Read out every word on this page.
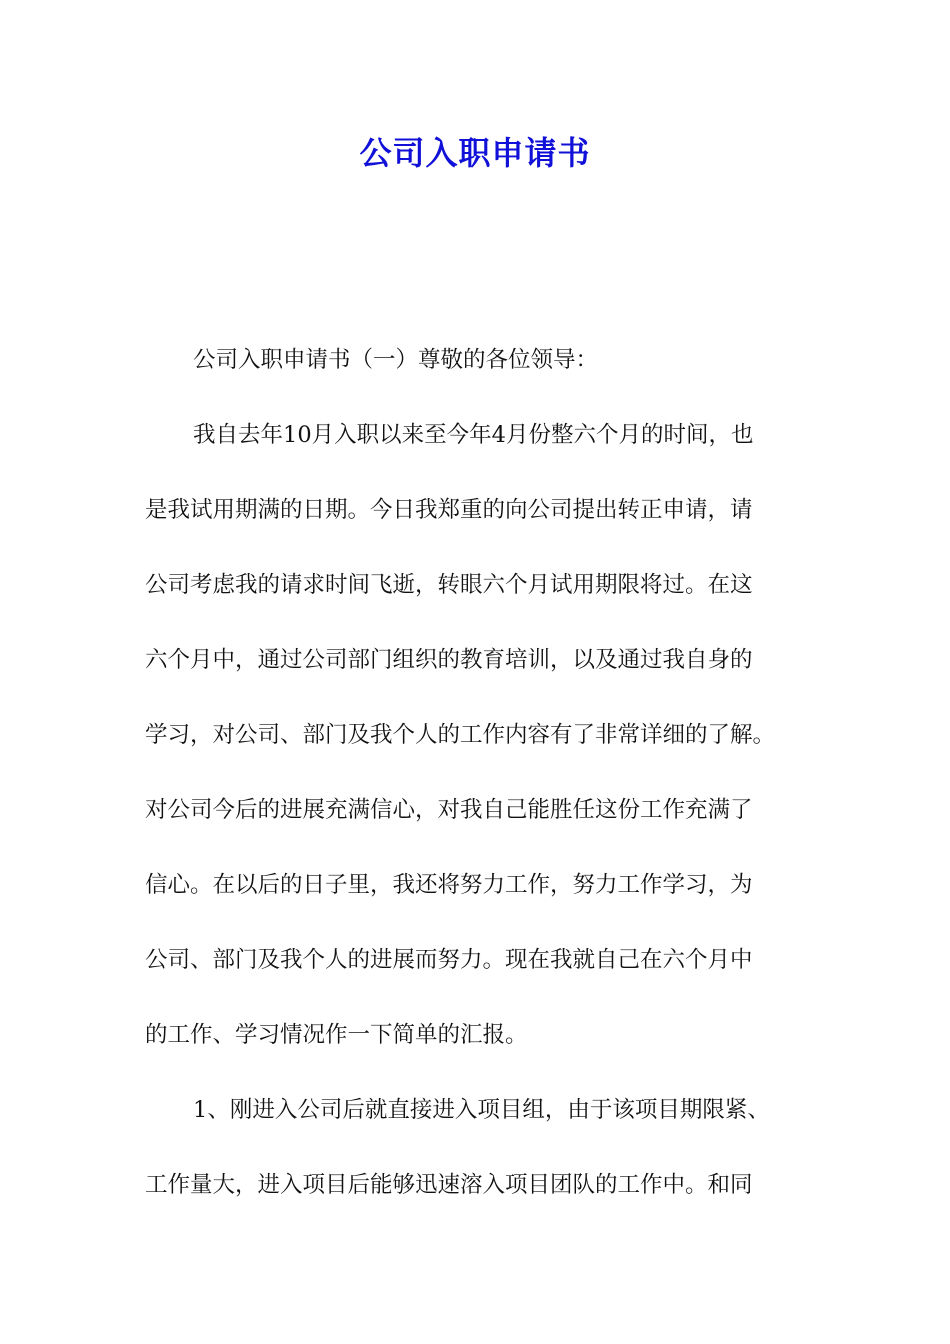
公司入职申请书
公司入职申请书（一）尊敬的各位领导：
我自去年10月入职以来至今年4月份整六个月的时间，也
是我试用期满的日期。今日我郑重的向公司提出转正申请，请
公司考虑我的请求时间飞逝，转眼六个月试用期限将过。在这
六个月中，通过公司部门组织的教育培训，以及通过我自身的
学习，对公司、部门及我个人的工作内容有了非常详细的了解。
对公司今后的进展充满信心，对我自己能胜任这份工作充满了
信心。在以后的日子里，我还将努力工作，努力工作学习，为
公司、部门及我个人的进展而努力。现在我就自己在六个月中
的工作、学习情况作一下简单的汇报。
1、刚进入公司后就直接进入项目组，由于该项目期限紧、
工作量大，进入项目后能够迅速溶入项目团队的工作中。和同
